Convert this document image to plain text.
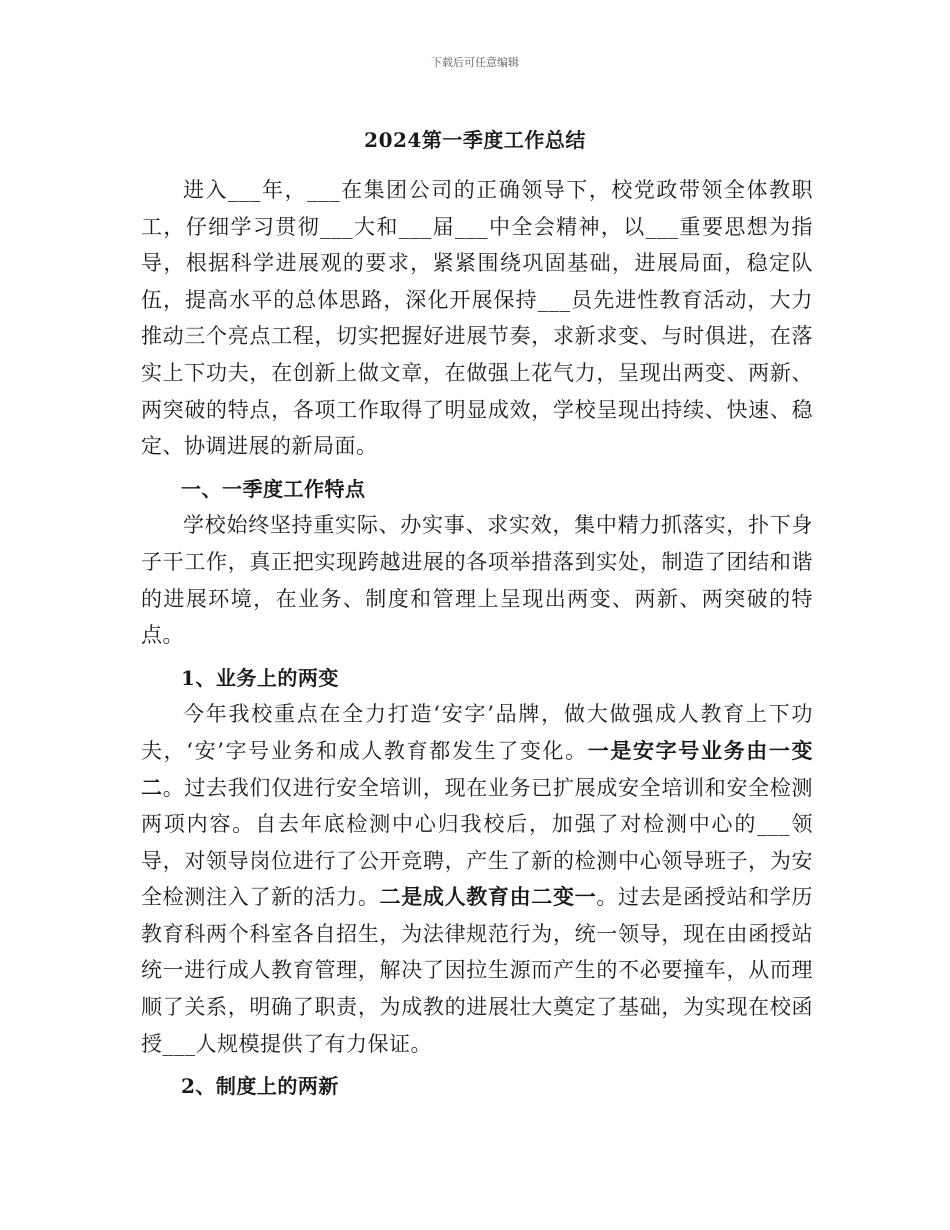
下载后可任意编辑
2024第一季度工作总结

进入___年，___在集团公司的正确领导下，校党政带领全体教职工，仔细学习贯彻___大和___届___中全会精神，以___重要思想为指导，根据科学进展观的要求，紧紧围绕巩固基础，进展局面，稳定队伍，提高水平的总体思路，深化开展保持___员先进性教育活动，大力推动三个亮点工程，切实把握好进展节奏，求新求变、与时俱进，在落实上下功夫，在创新上做文章，在做强上花气力，呈现出两变、两新、两突破的特点，各项工作取得了明显成效，学校呈现出持续、快速、稳定、协调进展的新局面。

一、一季度工作特点

学校始终坚持重实际、办实事、求实效，集中精力抓落实，扑下身子干工作，真正把实现跨越进展的各项举措落到实处，制造了团结和谐的进展环境，在业务、制度和管理上呈现出两变、两新、两突破的特点。

1、业务上的两变

今年我校重点在全力打造‘安字’品牌，做大做强成人教育上下功夫，‘安’字号业务和成人教育都发生了变化。一是安字号业务由一变二。过去我们仅进行安全培训，现在业务已扩展成安全培训和安全检测两项内容。自去年底检测中心归我校后，加强了对检测中心的___领导，对领导岗位进行了公开竞聘，产生了新的检测中心领导班子，为安全检测注入了新的活力。二是成人教育由二变一。过去是函授站和学历教育科两个科室各自招生，为法律规范行为，统一领导，现在由函授站统一进行成人教育管理，解决了因拉生源而产生的不必要撞车，从而理顺了关系，明确了职责，为成教的进展壮大奠定了基础，为实现在校函授___人规模提供了有力保证。

2、制度上的两新
